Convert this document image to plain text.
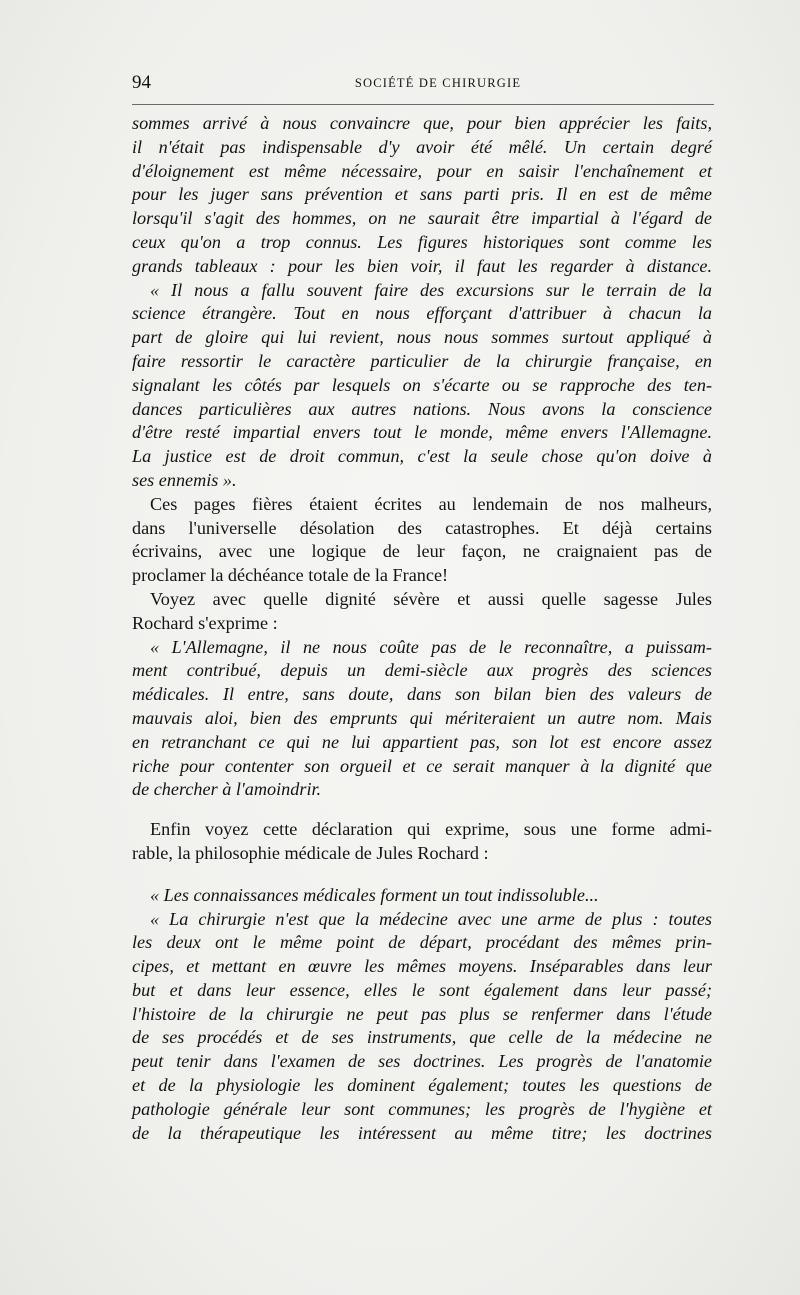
94	SOCIÉTÉ DE CHIRURGIE
sommes arrivé à nous convaincre que, pour bien apprécier les faits,
il n'était pas indispensable d'y avoir été mêlé. Un certain degré
d'éloignement est même nécessaire, pour en saisir l'enchaînement et
pour les juger sans prévention et sans parti pris. Il en est de même
lorsqu'il s'agit des hommes, on ne saurait être impartial à l'égard de
ceux qu'on a trop connus. Les figures historiques sont comme les
grands tableaux : pour les bien voir, il faut les regarder à distance.
« Il nous a fallu souvent faire des excursions sur le terrain de la
science étrangère. Tout en nous efforçant d'attribuer à chacun la
part de gloire qui lui revient, nous nous sommes surtout appliqué à
faire ressortir le caractère particulier de la chirurgie française, en
signalant les côtés par lesquels on s'écarte ou se rapproche des ten-
dances particulières aux autres nations. Nous avons la conscience
d'être resté impartial envers tout le monde, même envers l'Allemagne.
La justice est de droit commun, c'est la seule chose qu'on doive à
ses ennemis ».
Ces pages fières étaient écrites au lendemain de nos malheurs,
dans l'universelle désolation des catastrophes. Et déjà certains
écrivains, avec une logique de leur façon, ne craignaient pas de
proclamer la déchéance totale de la France!
Voyez avec quelle dignité sévère et aussi quelle sagesse Jules
Rochard s'exprime :
« L'Allemagne, il ne nous coûte pas de le reconnaître, a puissam-
ment contribué, depuis un demi-siècle aux progrès des sciences
médicales. Il entre, sans doute, dans son bilan bien des valeurs de
mauvais aloi, bien des emprunts qui mériteraient un autre nom. Mais
en retranchant ce qui ne lui appartient pas, son lot est encore assez
riche pour contenter son orgueil et ce serait manquer à la dignité que
de chercher à l'amoindrir.
Enfin voyez cette déclaration qui exprime, sous une forme admi-
rable, la philosophie médicale de Jules Rochard :
« Les connaissances médicales forment un tout indissoluble...
« La chirurgie n'est que la médecine avec une arme de plus : toutes
les deux ont le même point de départ, procédant des mêmes prin-
cipes, et mettant en œuvre les mêmes moyens. Inséparables dans leur
but et dans leur essence, elles le sont également dans leur passé;
l'histoire de la chirurgie ne peut pas plus se renfermer dans l'étude
de ses procédés et de ses instruments, que celle de la médecine ne
peut tenir dans l'examen de ses doctrines. Les progrès de l'anatomie
et de la physiologie les dominent également; toutes les questions de
pathologie générale leur sont communes; les progrès de l'hygiène et
de la thérapeutique les intéressent au même titre; les doctrines
